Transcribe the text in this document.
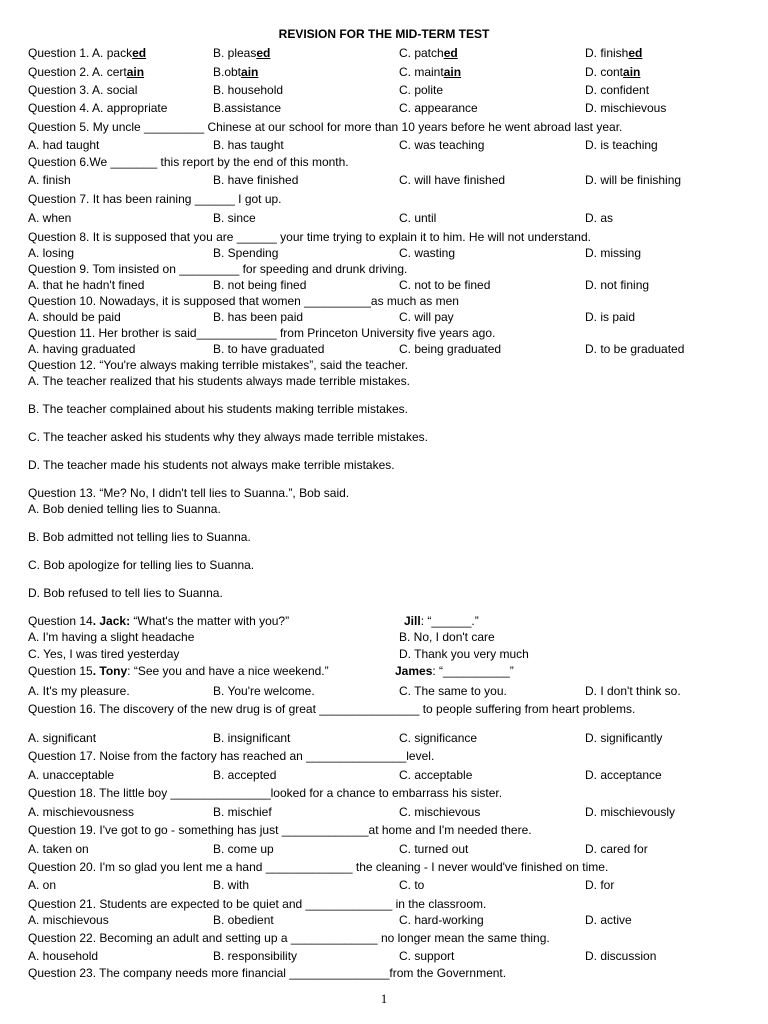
REVISION FOR THE MID-TERM TEST
Question 1. A. packed	B. pleased	C. patched	D. finished
Question 2. A. certain	B.obtain	C. maintain	D. contain
Question 3. A. social	B. household	C. polite	D. confident
Question 4. A. appropriate	B.assistance	C. appearance	D. mischievous
Question 5. My uncle _________ Chinese at our school for more than 10 years before he went abroad last year.
A. had taught	B. has taught	C. was teaching	D. is teaching
Question 6.We _______ this report by the end of this month.
A. finish	B. have finished	C. will have finished	D. will be finishing
Question 7. It has been raining ______ I got up.
A. when	B. since	C. until	D. as
Question 8. It is supposed that you are ______ your time trying to explain it to him. He will not understand.
A. losing	B. Spending	C. wasting	D. missing
Question 9. Tom insisted on _________ for speeding and drunk driving.
A. that he hadn't fined	B. not being fined	C. not to be fined	D. not fining
Question 10. Nowadays, it is supposed that women __________as much as men
A. should be paid	B. has been paid	C. will pay	D. is paid
Question 11. Her brother is said____________ from Princeton University five years ago.
A. having graduated	B. to have graduated	C. being graduated	D. to be graduated
Question 12. “You're always making terrible mistakes”, said the teacher.
A. The teacher realized that his students always made terrible mistakes.
B. The teacher complained about his students making terrible mistakes.
C. The teacher asked his students why they always made terrible mistakes.
D. The teacher made his students not always make terrible mistakes.
Question 13. “Me? No, I didn't tell lies to Suanna.”, Bob said.
A. Bob denied telling lies to Suanna.
B. Bob admitted not telling lies to Suanna.
C. Bob apologize for telling lies to Suanna.
D. Bob refused to tell lies to Suanna.
Question 14. Jack: “What's the matter with you?”	Jill: “______.”
A. I'm having a slight headache	B. No, I don't care
C. Yes, I was tired yesterday	D. Thank you very much
Question 15. Tony: “See you and have a nice weekend.”	James: “__________”
A. It's my pleasure.	B. You're welcome.	C. The same to you.	D. I don't think so.
Question 16. The discovery of the new drug is of great _______________ to people suffering from heart problems.
A. significant	B. insignificant	C. significance	D. significantly
Question 17. Noise from the factory has reached an _______________level.
A. unacceptable	B. accepted	C. acceptable	D. acceptance
Question 18. The little boy _______________looked for a chance to embarrass his sister.
A. mischievousness	B. mischief	C. mischievous	D. mischievously
Question 19. I've got to go - something has just _____________at home and I'm needed there.
A. taken on	B. come up	C. turned out	D. cared for
Question 20. I'm so glad you lent me a hand _____________ the cleaning - I never would've finished on time.
A. on	B. with	C. to	D. for
Question 21. Students are expected to be quiet and _____________ in the classroom.
A. mischievous	B. obedient	C. hard-working	D. active
Question 22. Becoming an adult and setting up a _____________ no longer mean the same thing.
A. household	B. responsibility	C. support	D. discussion
Question 23. The company needs more financial _______________from the Government.
1
